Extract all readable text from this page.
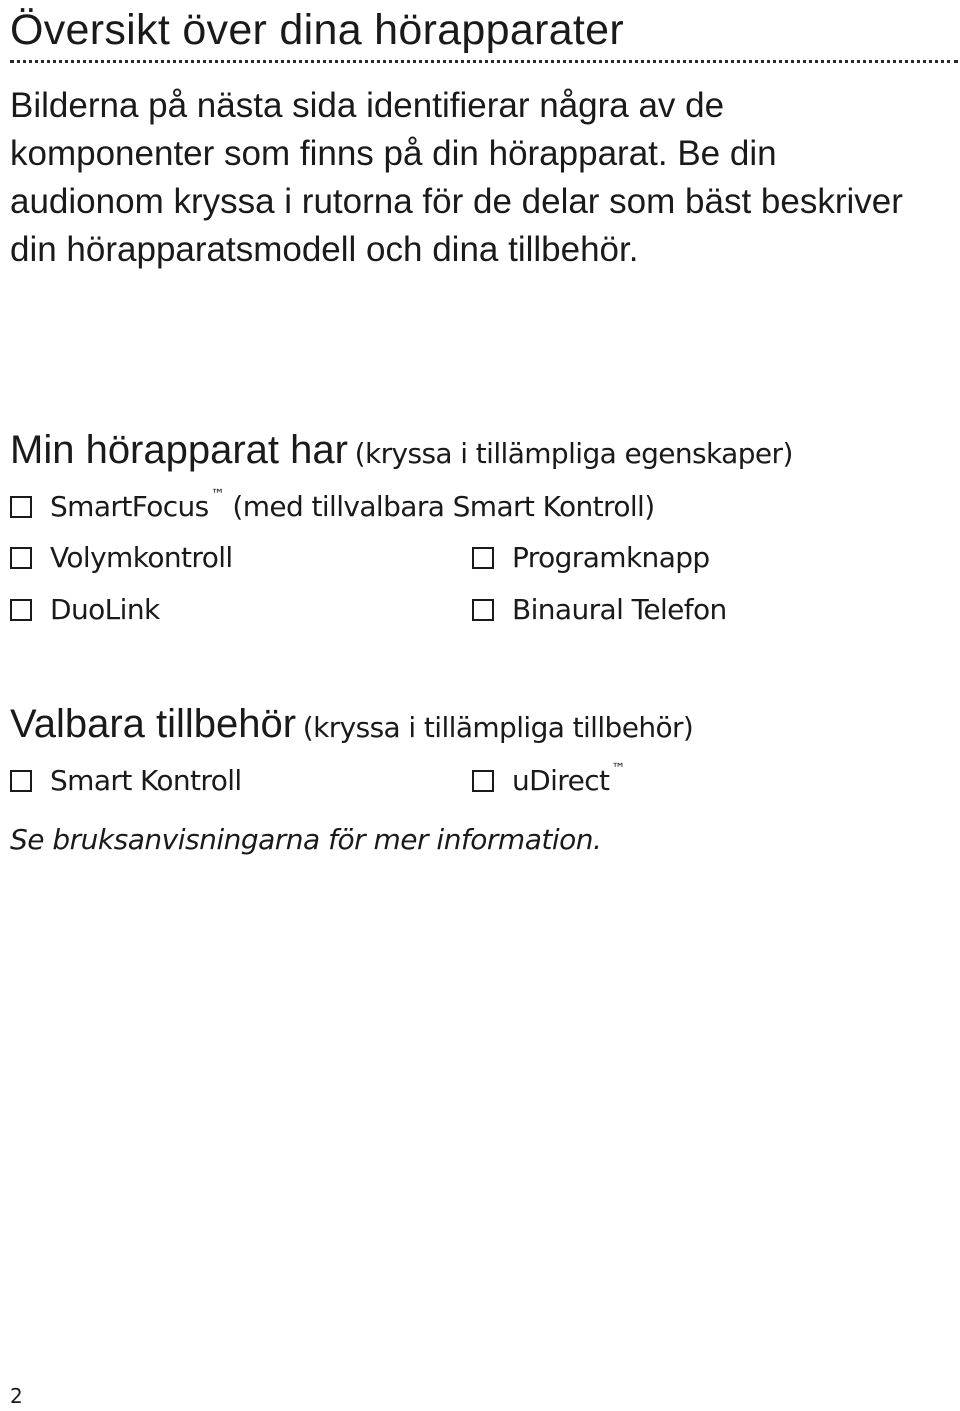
Översikt över dina hörapparater

Bilderna på nästa sida identifierar några av de komponenter som finns på din hörapparat. Be din audionom kryssa i rutorna för de delar som bäst beskriver din hörapparatsmodell och dina tillbehör.

Min hörapparat har (kryssa i tillämpliga egenskaper)
SmartFocus ™
(med tillvalbara Smart Kontroll)
Volymkontroll	Programknapp
DuoLink	Binaural Telefon
Valbara tillbehör (kryssa i tillämpliga tillbehör)
Smart Kontroll	uDirect ™

Se bruksanvisningarna för mer information.

2
